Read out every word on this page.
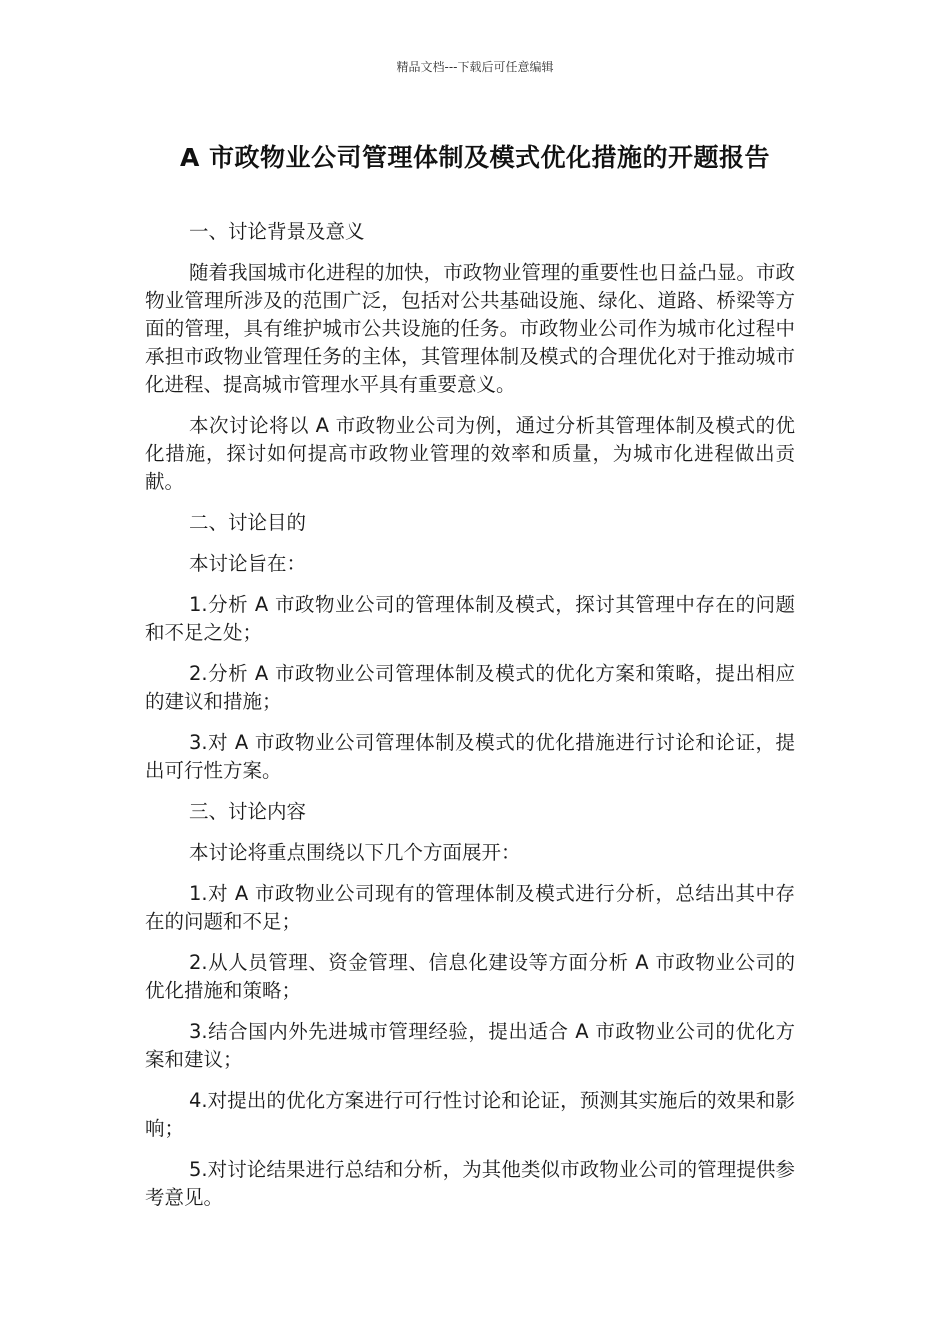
精品文档---下载后可任意编辑
A 市政物业公司管理体制及模式优化措施的开题报告

一、讨论背景及意义

随着我国城市化进程的加快，市政物业管理的重要性也日益凸显。市政物业管理所涉及的范围广泛，包括对公共基础设施、绿化、道路、桥梁等方面的管理，具有维护城市公共设施的任务。市政物业公司作为城市化过程中承担市政物业管理任务的主体，其管理体制及模式的合理优化对于推动城市化进程、提高城市管理水平具有重要意义。

本次讨论将以 A 市政物业公司为例，通过分析其管理体制及模式的优化措施，探讨如何提高市政物业管理的效率和质量，为城市化进程做出贡献。

二、讨论目的

本讨论旨在：

1.分析 A 市政物业公司的管理体制及模式，探讨其管理中存在的问题和不足之处；

2.分析 A 市政物业公司管理体制及模式的优化方案和策略，提出相应的建议和措施；

3.对 A 市政物业公司管理体制及模式的优化措施进行讨论和论证，提出可行性方案。

三、讨论内容

本讨论将重点围绕以下几个方面展开：

1.对 A 市政物业公司现有的管理体制及模式进行分析，总结出其中存在的问题和不足；

2.从人员管理、资金管理、信息化建设等方面分析 A 市政物业公司的优化措施和策略；

3.结合国内外先进城市管理经验，提出适合 A 市政物业公司的优化方案和建议；

4.对提出的优化方案进行可行性讨论和论证，预测其实施后的效果和影响；

5.对讨论结果进行总结和分析，为其他类似市政物业公司的管理提供参考意见。
